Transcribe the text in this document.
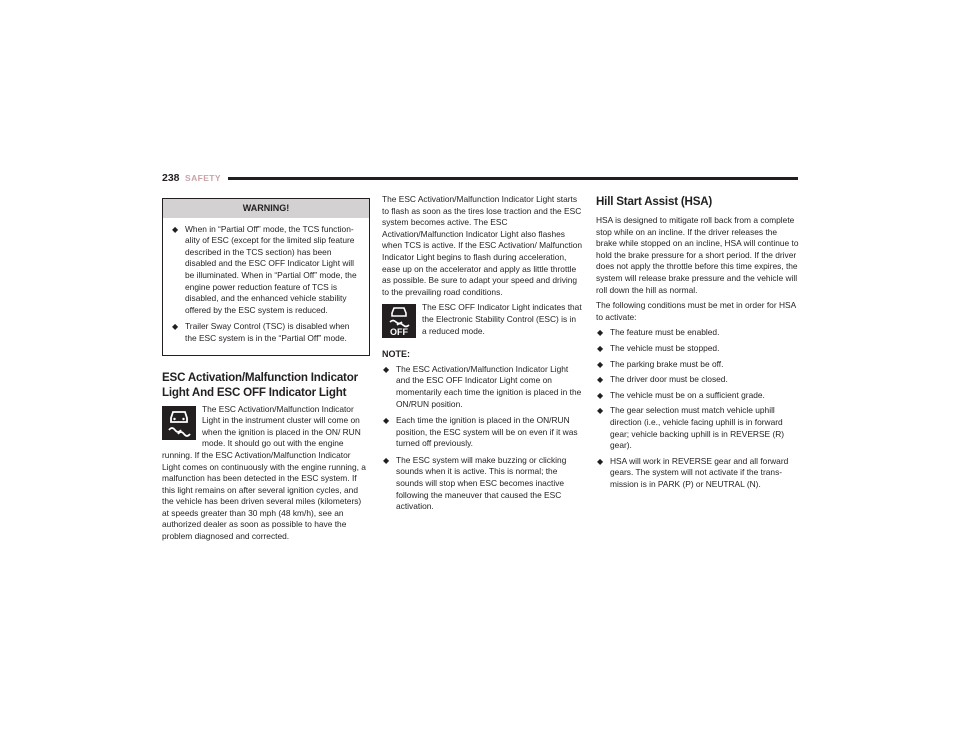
238 SAFETY
WARNING!
◆ When in “Partial Off” mode, the TCS function-ality of ESC (except for the limited slip feature described in the TCS section) has been disabled and the ESC OFF Indicator Light will be illuminated. When in “Partial Off” mode, the engine power reduction feature of TCS is disabled, and the enhanced vehicle stability offered by the ESC system is reduced.
◆ Trailer Sway Control (TSC) is disabled when the ESC system is in the “Partial Off” mode.
ESC Activation/Malfunction Indicator Light And ESC OFF Indicator Light

The ESC Activation/Malfunction Indicator Light in the instrument cluster will come on when the ignition is placed in the ON/ RUN mode. It should go out with the engine running. If the ESC Activation/Malfunction Indicator Light comes on continuously with the engine running, a malfunction has been detected in the ESC system. If this light remains on after several ignition cycles, and the vehicle has been driven several miles (kilometers) at speeds greater than 30 mph (48 km/h), see an authorized dealer as soon as possible to have the problem diagnosed and corrected.

The ESC Activation/Malfunction Indicator Light starts to flash as soon as the tires lose traction and the ESC system becomes active. The ESC Activation/Malfunction Indicator Light also flashes when TCS is active. If the ESC Activation/ Malfunction Indicator Light begins to flash during acceleration, ease up on the accelerator and apply as little throttle as possible. Be sure to adapt your speed and driving to the prevailing road conditions.

OFF
The ESC OFF Indicator Light indicates that the Electronic Stability Control (ESC) is in a reduced mode.

NOTE:
◆ The ESC Activation/Malfunction Indicator Light and the ESC OFF Indicator Light come on momentarily each time the ignition is placed in the ON/RUN position.
◆ Each time the ignition is placed in the ON/RUN position, the ESC system will be on even if it was turned off previously.
◆ The ESC system will make buzzing or clicking sounds when it is active. This is normal; the sounds will stop when ESC becomes inactive following the maneuver that caused the ESC activation.
Hill Start Assist (HSA)

HSA is designed to mitigate roll back from a complete stop while on an incline. If the driver releases the brake while stopped on an incline, HSA will continue to hold the brake pressure for a short period. If the driver does not apply the throttle before this time expires, the system will release brake pressure and the vehicle will roll down the hill as normal.

The following conditions must be met in order for HSA to activate:

◆ The feature must be enabled.
◆ The vehicle must be stopped.
◆ The parking brake must be off.
◆ The driver door must be closed.
◆ The vehicle must be on a sufficient grade.
◆ The gear selection must match vehicle uphill direction (i.e., vehicle facing uphill is in forward gear; vehicle backing uphill is in REVERSE (R) gear).
◆ HSA will work in REVERSE gear and all forward gears. The system will not activate if the trans-mission is in PARK (P) or NEUTRAL (N).
